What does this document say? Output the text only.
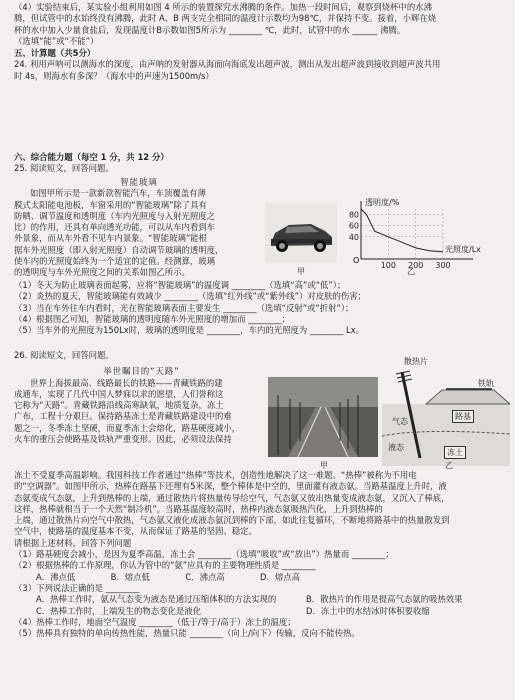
（4）实验结束后，某实验小组利用如图 4 所示的装置探究水沸腾的条件。加热一段时间后，观察到烧杯中的水沸

腾，但试管中的水始终没有沸腾，此时 A、B 两支完全相同的温度计示数均为98℃，并保持不变。接着，小辉在烧

杯的水中加入少量食盐后，发现温度计B示数如图5所示为 ________ ℃，此时，试管中的水 ______ 沸腾。

（选填“能”或“不能”）

五、计算题（共5分）

24. 利用声呐可以测海水的深度，由声呐的发射器从海面向海底发出超声波，测出从发出超声波到接收到超声波共用

时 4s，则海水有多深？（海水中的声速为1500m/s）

六、综合能力题（每空 1 分，共 12 分）

25. 阅读短文，回答问题。

智能玻璃

如图甲所示是一款新款智能汽车，车顶覆盖有薄

膜式太阳能电池板，车窗采用的“智能玻璃”除了具有

防晒、调节温度和透明度（车内光照度与入射光照度之

比）的作用，还具有单向透光功能，可以从车内看到车

外景象，而从车外看不见车内景象。“智能玻璃”能根

据车外光照度（即入射光照度）自动调节玻璃的透明度，

使车内的光照度始终为一个适宜的定值。经测算，玻璃

的透明度与车外光照度之间的关系如图乙所示。	甲
透明度/%
光照度/Lx
80
60
40
100 200 300
O
乙

（1）冬天为防止玻璃表面起雾，应将“智能玻璃”的温度调 ________（选填“高”或“低”）；

（2）炎热的夏天，智能玻璃能有效减少 ________（选填“红外线”或“紫外线”）对皮肤的伤害；

（3）当在车外往车内看时，光在智能玻璃表面主要发生 ________（选填“反射”或“折射”）；

（4）根据图乙可知，智能玻璃的透明度随车外光照度的增加而 ________；

（5）当车外的光照度为150Lx时，玻璃的透明度是 ________，车内的光照度为 ________ Lx。

26. 阅读短文，回答问题。

举世瞩目的“天路”

世界上海拔最高、线路最长的铁路——青藏铁路的建

成通车，实现了几代中国人梦寐以求的愿望，人们誉称这

它称为“天路”。青藏铁路沿线高寒缺氧，地质复杂，冻土

广布，工程十分艰巨。保持路基冻土是青藏铁路建设中的难

题之一，冬季冻土坚硬，而夏季冻土会熔化，路基硬度减小，

火车的重压会使路基及铁轨严重变形。因此，必须设法保持

甲
散热片
铁轨
路基
气态
液态
冻土
乙

冻土不受夏季高温影响。我国科技工作者通过“热棒”等技术，创造性地解决了这一难题。“热棒”被称为不用电

的“空调器”。如图甲所示，热棒在路基下还埋有5米深，整个棒体是中空的，里面灌有液态氨。当路基温度上升时，液

态氨变成气态氨，上升到热棒的上端，通过散热片将热量传导给空气，气态氨又放出热量变成液态氨，又沉入了棒底，

这样，热棒就相当于一个天然“制冷机”。当路基温度较高时，热棒内液态氨吸热汽化，上升到热棒的

上端，通过散热片向空气中散热，气态氨又液化成液态氨沉到棒的下部，如此往复循环，不断地将路基中的热量散发到

空气中，使路基的温度基本不变，从而保证了路基的坚固、稳定。

请根据上述材料，回答下列问题

（1）路基硬度会减小，是因为夏季高温，冻土会 ________（选填“吸收”或“放出”）热量而 ________；

（2）根据热棒的工作原理，你认为管中的“氨”应具有的主要物理性质是 ________

A．沸点低	B．熔点低	C．沸点高	D．熔点高

（3）下列说法正确的是 ________

A．热棒工作时，氨从气态变为液态是通过压缩体积的方法实现的	B．散热片的作用是提高气态氨的吸热效果

C．热棒工作时，上端发生的物态变化是液化	D．冻土中的水结冰时体积要收缩

（4）热棒工作时，地面空气温度 ________（低于/等于/高于）冻土的温度；

（5）热棒具有独特的单向传热性能，热量只能 ________（向上/向下）传输，反向不能传热。
